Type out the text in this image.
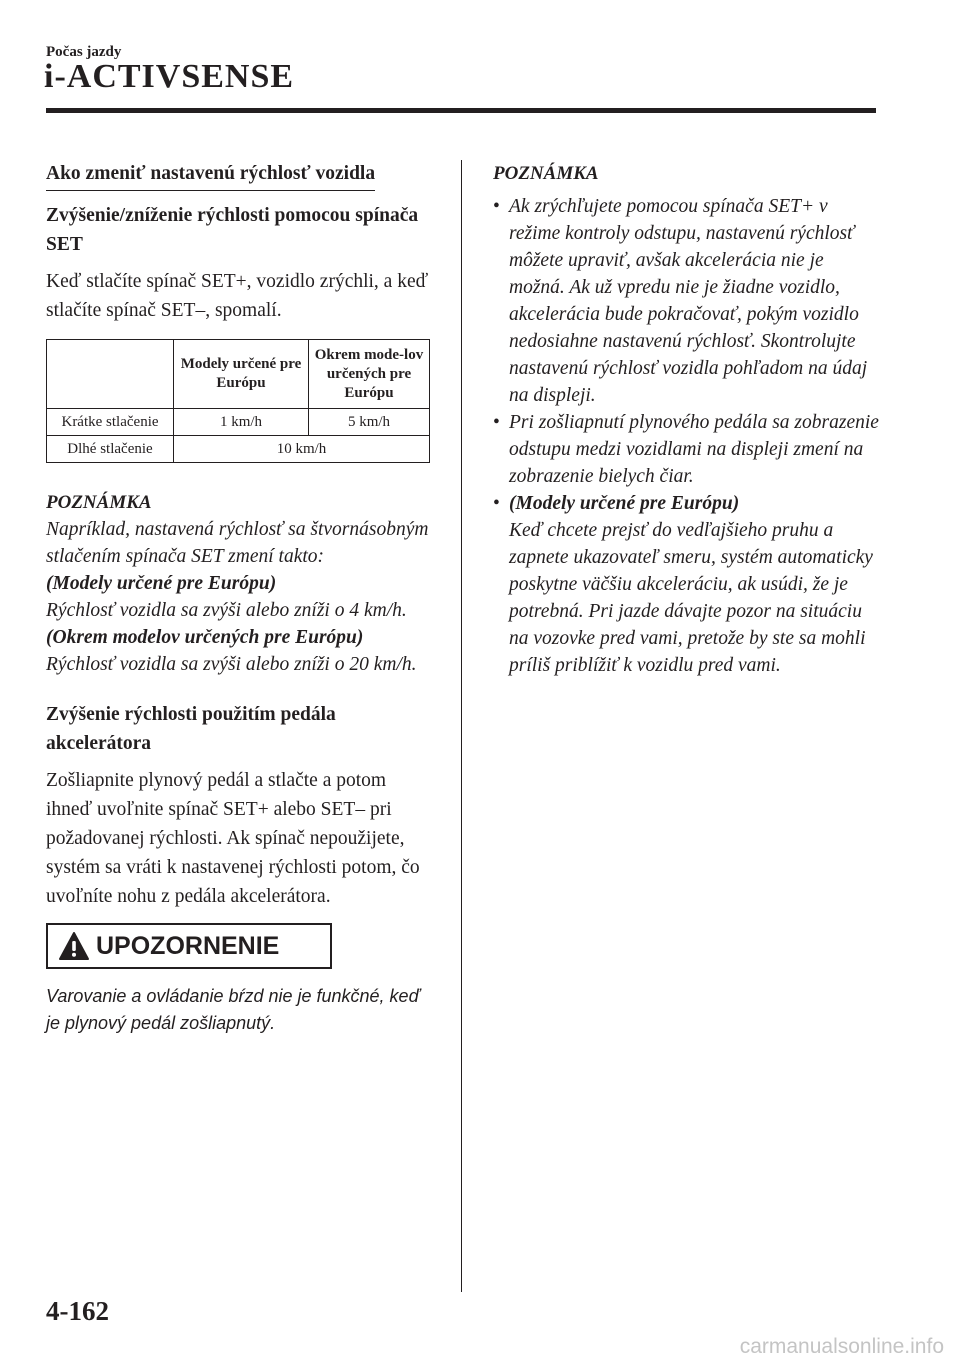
Počas jazdy
i-ACTIVSENSE
Ako zmeniť nastavenú rýchlosť vozidla
Zvýšenie/zníženie rýchlosti pomocou spínača SET
Keď stlačíte spínač SET+, vozidlo zrýchli, a keď stlačíte spínač SET–, spomalí.
	Modely určené pre Európu	Okrem mode-lov určených pre Európu
Krátke stlačenie	1 km/h	5 km/h
Dlhé stlačenie	10 km/h	
POZNÁMKA
Napríklad, nastavená rýchlosť sa štvornásobným stlačením spínača SET zmení takto:
(Modely určené pre Európu)
Rýchlosť vozidla sa zvýši alebo zníži o 4 km/h.
(Okrem modelov určených pre Európu)
Rýchlosť vozidla sa zvýši alebo zníži o 20 km/h.
Zvýšenie rýchlosti použitím pedála akcelerátora
Zošliapnite plynový pedál a stlačte a potom ihneď uvoľnite spínač SET+ alebo SET– pri požadovanej rýchlosti. Ak spínač nepoužijete, systém sa vráti k nastavenej rýchlosti potom, čo uvoľníte nohu z pedála akcelerátora.
UPOZORNENIE
Varovanie a ovládanie bŕzd nie je funkčné, keď je plynový pedál zošliapnutý.
POZNÁMKA
• Ak zrýchľujete pomocou spínača SET+ v režime kontroly odstupu, nastavenú rýchlosť môžete upraviť, avšak akcelerácia nie je možná. Ak už vpredu nie je žiadne vozidlo, akcelerácia bude pokračovať, pokým vozidlo nedosiahne nastavenú rýchlosť. Skontrolujte nastavenú rýchlosť vozidla pohľadom na údaj na displeji.
• Pri zošliapnutí plynového pedála sa zobrazenie odstupu medzi vozidlami na displeji zmení na zobrazenie bielych čiar.
• (Modely určené pre Európu)
Keď chcete prejsť do vedľajšieho pruhu a zapnete ukazovateľ smeru, systém automaticky poskytne väčšiu akceleráciu, ak usúdi, že je potrebná. Pri jazde dávajte pozor na situáciu na vozovke pred vami, pretože by ste sa mohli príliš priblížiť k vozidlu pred vami.
4-162
carmanualsonline.info
